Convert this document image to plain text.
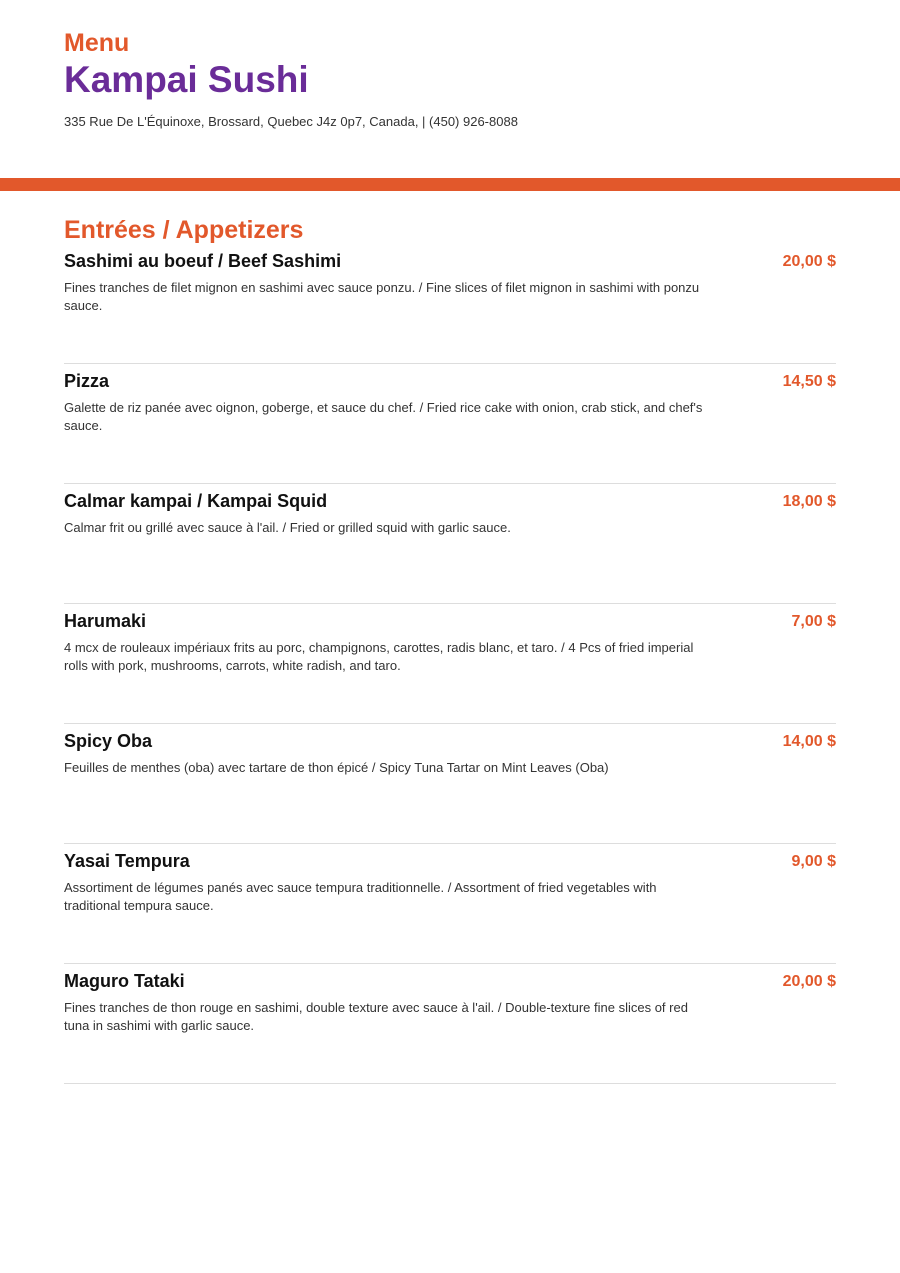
Menu
Kampai Sushi
335 Rue De L'Équinoxe, Brossard, Quebec J4z 0p7, Canada, | (450) 926-8088
Entrées / Appetizers
Sashimi au boeuf / Beef Sashimi	20,00 $
Fines tranches de filet mignon en sashimi avec sauce ponzu. / Fine slices of filet mignon in sashimi with ponzu sauce.
Pizza	14,50 $
Galette de riz panée avec oignon, goberge, et sauce du chef. / Fried rice cake with onion, crab stick, and chef's sauce.
Calmar kampai / Kampai Squid	18,00 $
Calmar frit ou grillé avec sauce à l'ail. / Fried or grilled squid with garlic sauce.
Harumaki	7,00 $
4 mcx de rouleaux impériaux frits au porc, champignons, carottes, radis blanc, et taro. / 4 Pcs of fried imperial rolls with pork, mushrooms, carrots, white radish, and taro.
Spicy Oba	14,00 $
Feuilles de menthes (oba) avec tartare de thon épicé / Spicy Tuna Tartar on Mint Leaves (Oba)
Yasai Tempura	9,00 $
Assortiment de légumes panés avec sauce tempura traditionnelle. / Assortment of fried vegetables with traditional tempura sauce.
Maguro Tataki	20,00 $
Fines tranches de thon rouge en sashimi, double texture avec sauce à l'ail. / Double-texture fine slices of red tuna in sashimi with garlic sauce.
